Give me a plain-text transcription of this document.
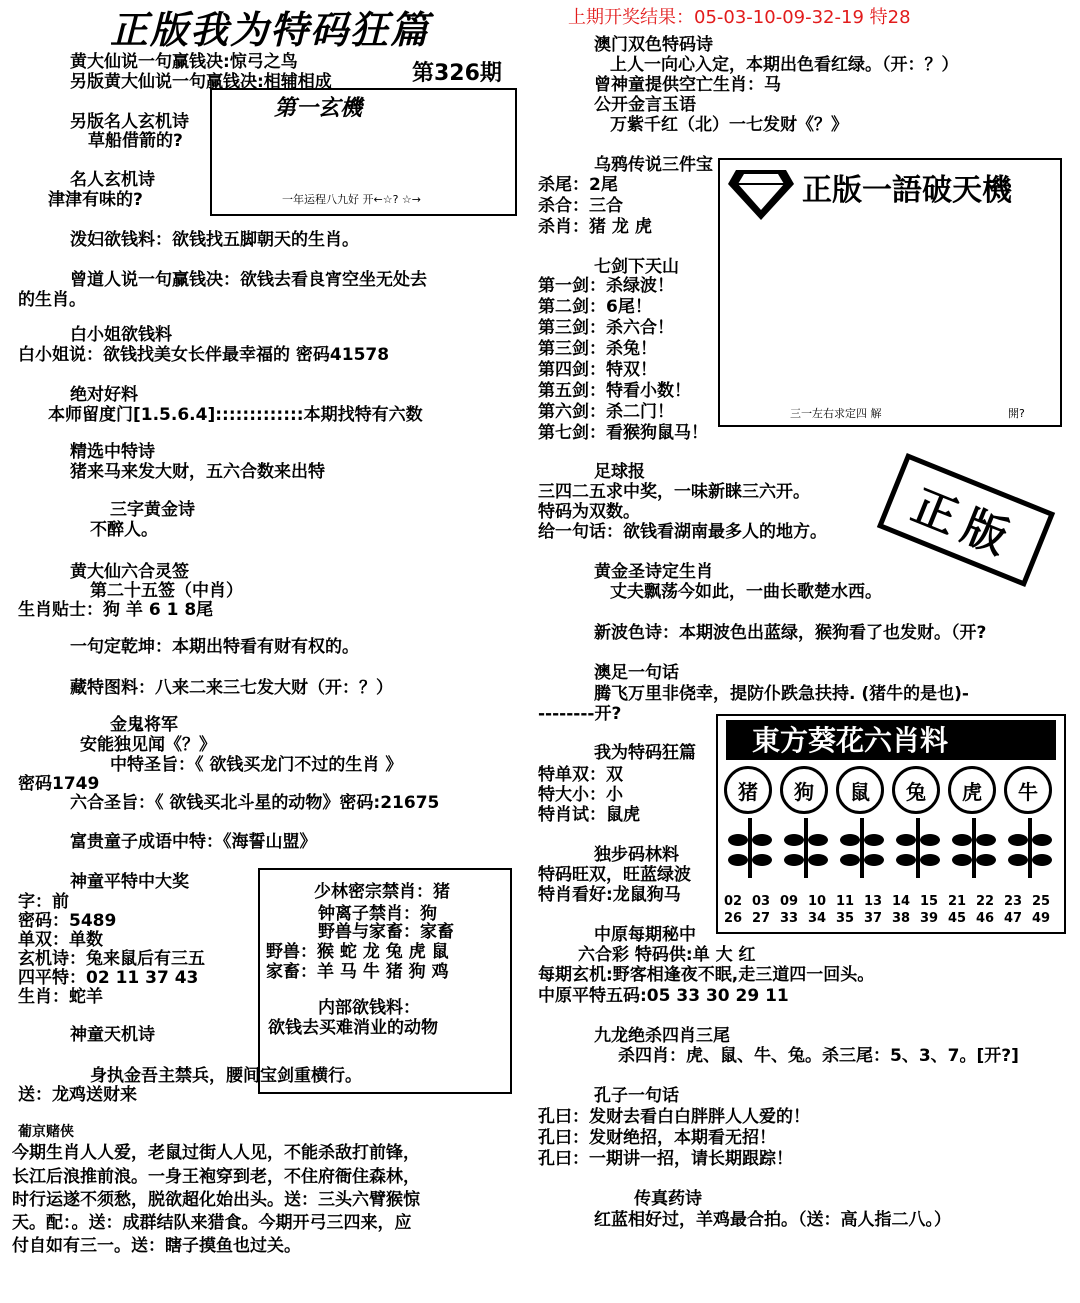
正版我为特码狂篇
第326期
上期开奖结果：05-03-10-09-32-19 特28
黄大仙说一句赢钱决:惊弓之鸟
另版黄大仙说一句赢钱决:相辅相成
另版名人玄机诗
草船借箭的?
名人玄机诗
津津有味的?
泼妇欲钱料：欲钱找五脚朝天的生肖。
曾道人说一句赢钱决：欲钱去看良宵空坐无处去
的生肖。
白小姐欲钱料
白小姐说：欲钱找美女长伴最幸福的 密码41578
绝对好料
本师留度门[1.5.6.4]:::::::::::::本期找特有六数
精选中特诗
猪来马来发大财，五六合数来出特
三字黄金诗
不醉人。
黄大仙六合灵签
第二十五签（中肖）
生肖贴士：狗 羊 6 1 8尾
一句定乾坤：本期出特看有财有权的。
藏特图料：八来二来三七发大财（开：？）
金鬼将军
安能独见闻《？》
中特圣旨：《 欲钱买龙门不过的生肖 》
密码1749
六合圣旨：《 欲钱买北斗星的动物》密码:21675
富贵童子成语中特：《海誓山盟》
神童平特中大奖
字：前
密码：5489
单双：单数
玄机诗：兔来鼠后有三五
四平特：02 11 37 43
生肖：蛇羊
神童天机诗
身执金吾主禁兵，腰间宝剑重横行。
送：龙鸡送财来
葡京赌侠
今期生肖人人爱，老鼠过街人人见，不能杀敌打前锋，
长江后浪推前浪。一身王袍穿到老，不住府衙住森林，
时行运遂不须愁，脱欲超化始出头。送：三头六臂猴惊
天。配：。送：成群结队来猎食。今期开弓三四来，应
付自如有三一。送：瞎子摸鱼也过关。
第一玄機
一年运程八九好 开←☆? ☆→
少林密宗禁肖：猪
钟离子禁肖：狗
野兽与家畜：家畜
野兽：猴 蛇 龙 兔 虎 鼠
家畜：羊 马 牛 猪 狗 鸡
内部欲钱料：
欲钱去买难消业的动物
澳门双色特码诗
上人一向心入定，本期出色看红绿。（开：？）
曾神童提供空亡生肖：马
公开金言玉语
万紫千红（北）一七发财《？》
乌鸦传说三件宝
杀尾：2尾
杀合：三合
杀肖：猪 龙 虎
七剑下天山
第一剑：杀绿波！
第二剑：6尾！
第三剑：杀六合！
第三剑：杀兔！
第四剑：特双！
第五剑：特看小数！
第六剑：杀二门！
第七剑：看猴狗鼠马！
足球报
三四二五求中奖，一味新睐三六开。
特码为双数。
给一句话：欲钱看湖南最多人的地方。
黄金圣诗定生肖
丈夫飘荡今如此，一曲长歌楚水西。
新波色诗：本期波色出蓝绿，猴狗看了也发财。（开?
澳足一句话
腾飞万里非侥幸，提防仆跌急扶持. (猪牛的是也)-
--------开?
我为特码狂篇
特单双：双
特大小：小
特肖试：鼠虎
独步码林料
特码旺双，旺蓝绿波
特肖看好:龙鼠狗马
中原每期秘中
六合彩 特码供:单 大 红
每期玄机:野客相逢夜不眠,走三道四一回头。
中原平特五码:05 33 30 29 11
九龙绝杀四肖三尾
杀四肖：虎、鼠、牛、兔。杀三尾：5、3、7。[开?]
孔子一句话
孔曰：发财去看白白胖胖人人爱的！
孔曰：发财绝招，本期看无招！
孔曰：一期讲一招，请长期跟踪！
传真药诗
红蓝相好过，羊鸡最合拍。（送：高人指二八。）
正版一語破天機
三一左右求定四 解	開?
正版
東方葵花六肖料
猪	狗	鼠	兔	虎	牛
02 03 09 10 11 13 14 15 21 22 23 25
26 27 33 34 35 37 38 39 45 46 47 49
